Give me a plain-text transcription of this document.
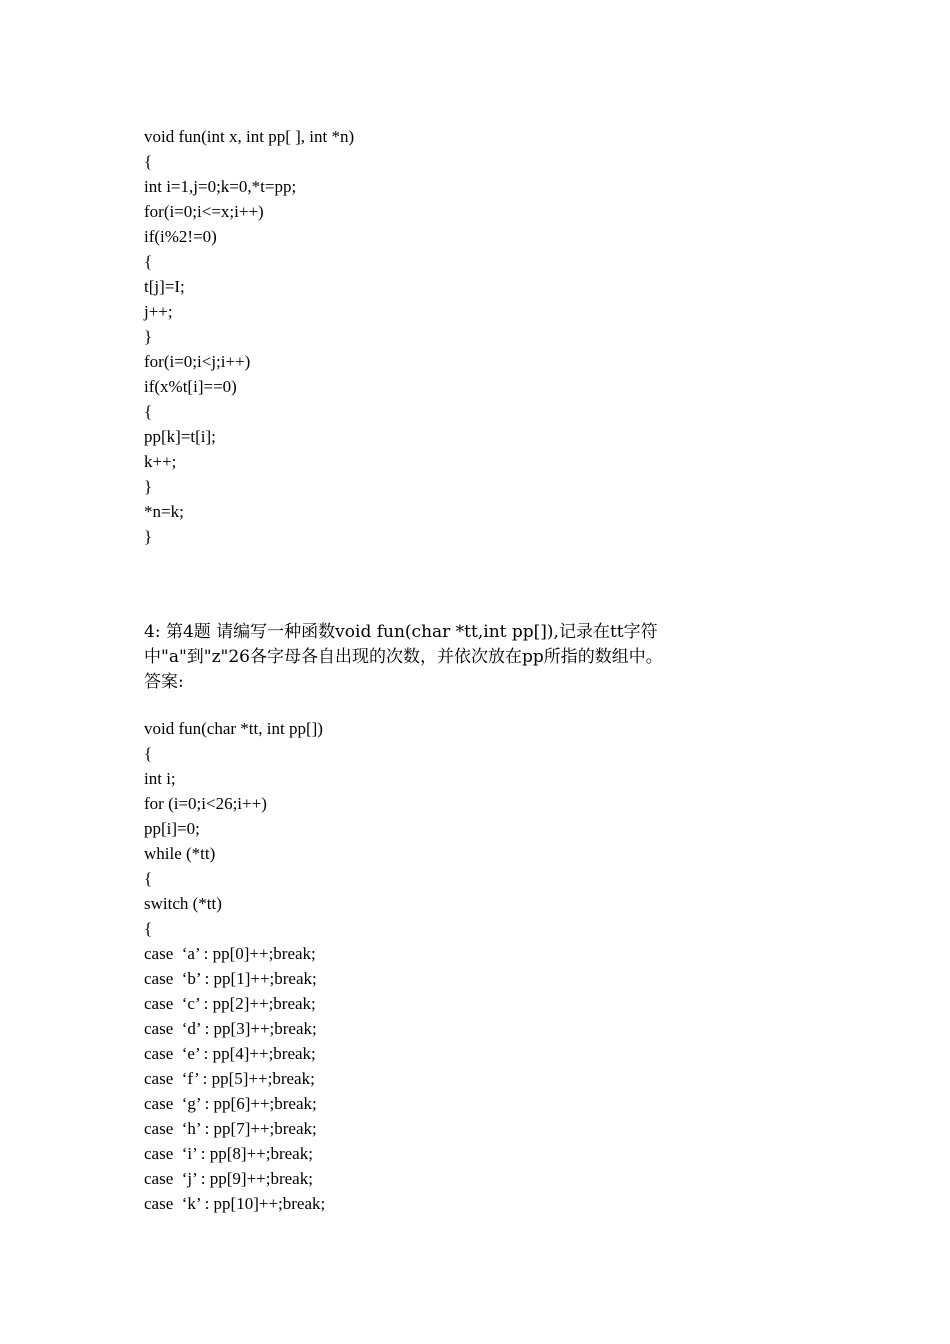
void fun(int x, int pp[ ], int *n)
{
int i=1,j=0;k=0,*t=pp;
for(i=0;i<=x;i++)
if(i%2!=0)
{
t[j]=I;
j++;
}
for(i=0;i<j;i++)
if(x%t[i]==0)
{
pp[k]=t[i];
k++;
}
*n=k;
}

4: 第4题 请编写一种函数void fun(char *tt,int pp[]),记录在tt字符

中"a"到"z"26各字母各自出现的次数，并依次放在pp所指的数组中。

答案:

void fun(char *tt, int pp[])
{
int i;
for (i=0;i<26;i++)
pp[i]=0;
while (*tt)
{
switch (*tt)
{
case  ‘a’ : pp[0]++;break;
case  ‘b’ : pp[1]++;break;
case  ‘c’ : pp[2]++;break;
case  ‘d’ : pp[3]++;break;
case  ‘e’ : pp[4]++;break;
case  ‘f’ : pp[5]++;break;
case  ‘g’ : pp[6]++;break;
case  ‘h’ : pp[7]++;break;
case  ‘i’ : pp[8]++;break;
case  ‘j’ : pp[9]++;break;
case  ‘k’ : pp[10]++;break;
